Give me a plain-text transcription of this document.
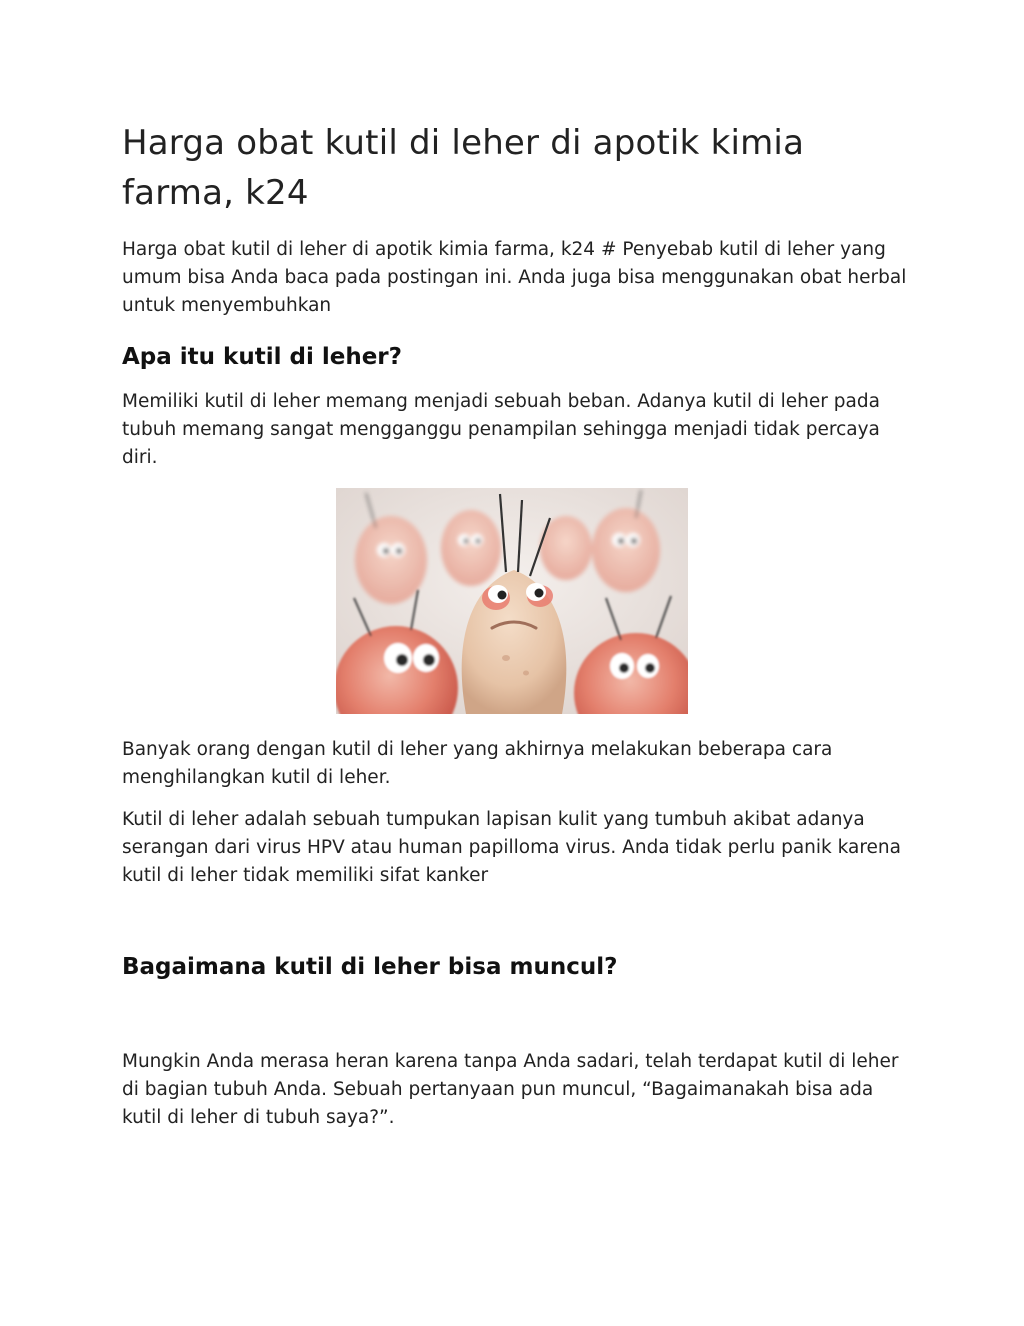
Harga obat kutil di leher di apotik kimia farma, k24

Harga obat kutil di leher di apotik kimia farma, k24 # Penyebab kutil di leher yang umum bisa Anda baca pada postingan ini. Anda juga bisa menggunakan obat herbal untuk menyembuhkan

Apa itu kutil di leher?

Memiliki kutil di leher memang menjadi sebuah beban. Adanya kutil di leher pada tubuh memang sangat mengganggu penampilan sehingga menjadi tidak percaya diri.

Banyak orang dengan kutil di leher yang akhirnya melakukan beberapa cara menghilangkan kutil di leher.

Kutil di leher adalah sebuah tumpukan lapisan kulit yang tumbuh akibat adanya serangan dari virus HPV atau human papilloma virus. Anda tidak perlu panik karena kutil di leher tidak memiliki sifat kanker

Bagaimana kutil di leher bisa muncul?

Mungkin Anda merasa heran karena tanpa Anda sadari, telah terdapat kutil di leher di bagian tubuh Anda. Sebuah pertanyaan pun muncul, “Bagaimanakah bisa ada kutil di leher di tubuh saya?”.
